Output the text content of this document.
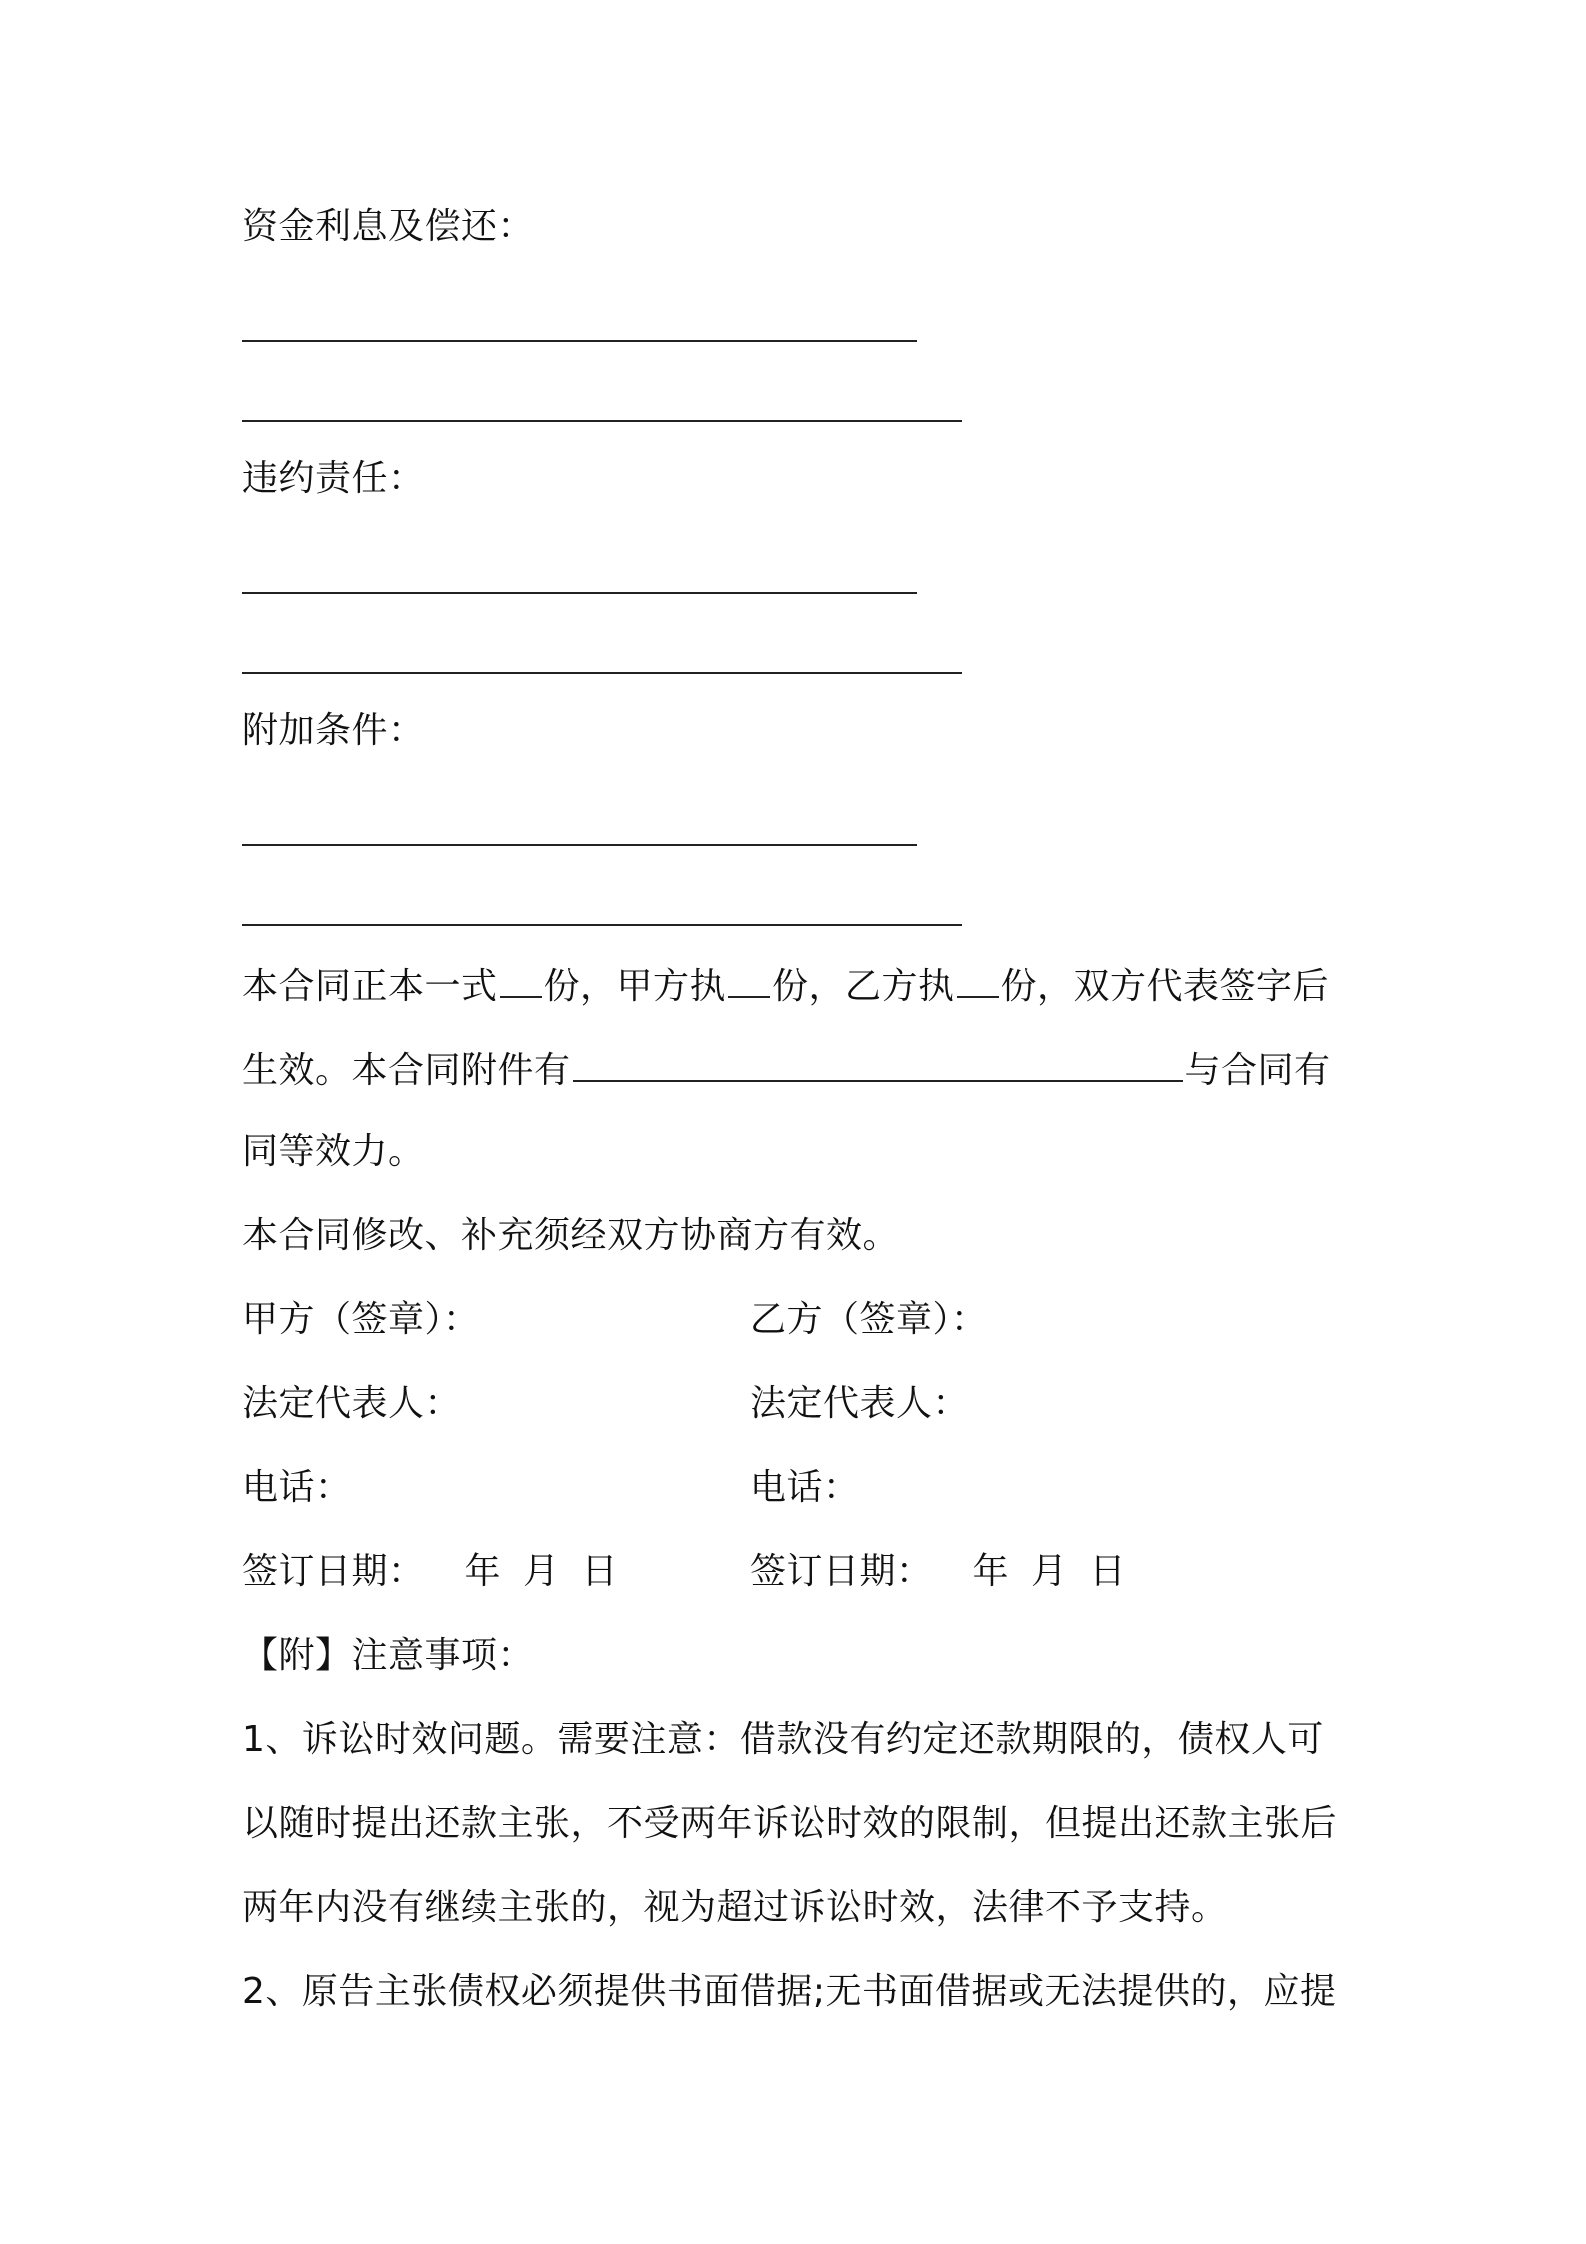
资金利息及偿还：
违约责任：
附加条件：
本合同正本一式 份，甲方执 份，乙方执 份，双方代表签字后
生效。本合同附件有	与合同有
同等效力。
本合同修改、补充须经双方协商方有效。
甲方（签章）：
法定代表人：
电话：
签订日期： 年 月 日
乙方（签章）：
法定代表人：
电话：
签订日期： 年 月 日
【附】注意事项：
1、诉讼时效问题。需要注意：借款没有约定还款期限的，债权人可
以随时提出还款主张，不受两年诉讼时效的限制，但提出还款主张后
两年内没有继续主张的，视为超过诉讼时效，法律不予支持。
2、原告主张债权必须提供书面借据;无书面借据或无法提供的，应提
